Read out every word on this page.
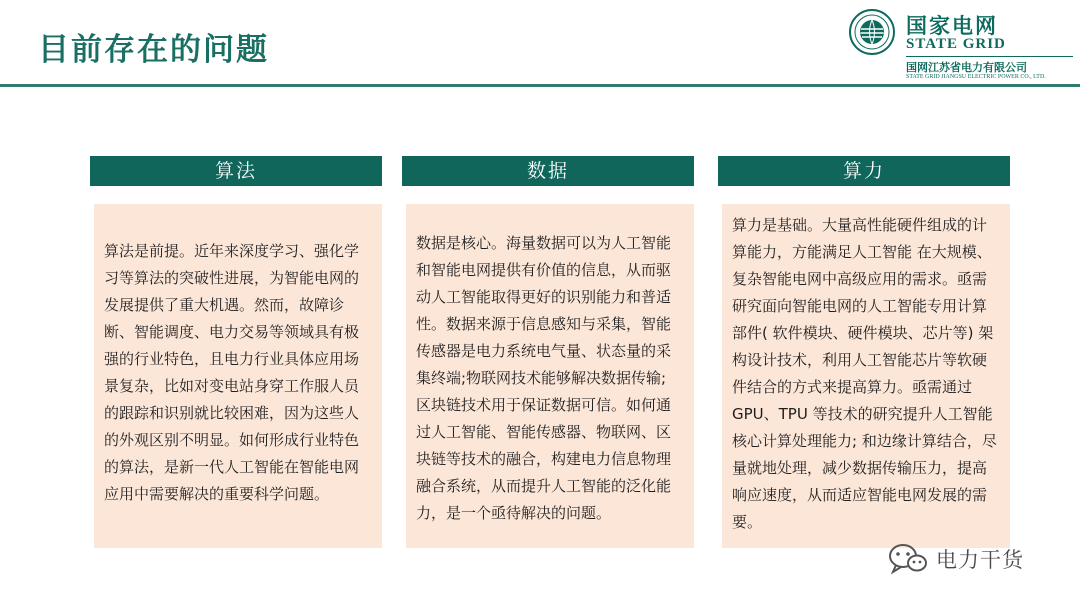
目前存在的问题
国家电网
STATE GRID
国网江苏省电力有限公司
STATE GRID JIANGSU ELECTRIC POWER CO., LTD.
算法

算法是前提。近年来深度学习、强化学习等算法的突破性进展，为智能电网的发展提供了重大机遇。然而，故障诊断、智能调度、电力交易等领域具有极强的行业特色，且电力行业具体应用场景复杂，比如对变电站身穿工作服人员的跟踪和识别就比较困难，因为这些人的外观区别不明显。如何形成行业特色的算法，是新一代人工智能在智能电网应用中需要解决的重要科学问题。

数据

数据是核心。海量数据可以为人工智能和智能电网提供有价值的信息，从而驱动人工智能取得更好的识别能力和普适性。数据来源于信息感知与采集，智能传感器是电力系统电气量、状态量的采集终端;物联网技术能够解决数据传输; 区块链技术用于保证数据可信。如何通过人工智能、智能传感器、物联网、区块链等技术的融合，构建电力信息物理融合系统，从而提升人工智能的泛化能力，是一个亟待解决的问题。

算力

算力是基础。大量高性能硬件组成的计算能力，方能满足人工智能 在大规模、复杂智能电网中高级应用的需求。亟需研究面向智能电网的人工智能专用计算部件( 软件模块、硬件模块、芯片等) 架构设计技术，利用人工智能芯片等软硬件结合的方式来提高算力。亟需通过GPU、TPU 等技术的研究提升人工智能核心计算处理能力; 和边缘计算结合，尽量就地处理，减少数据传输压力，提高响应速度，从而适应智能电网发展的需要。

电力干货
